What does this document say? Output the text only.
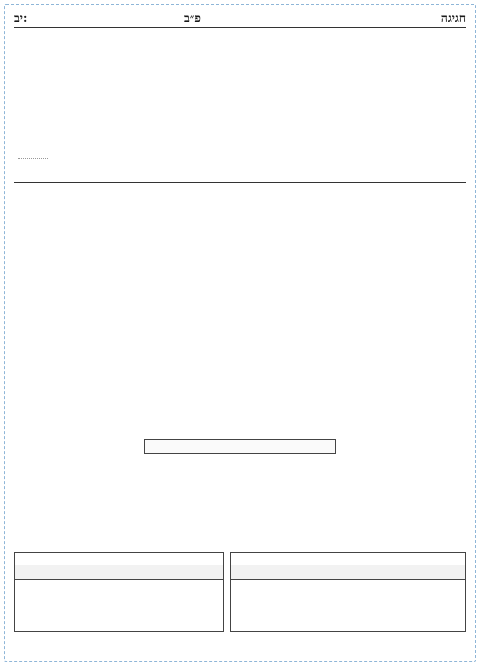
יב:	פ״ב	חגיגה
